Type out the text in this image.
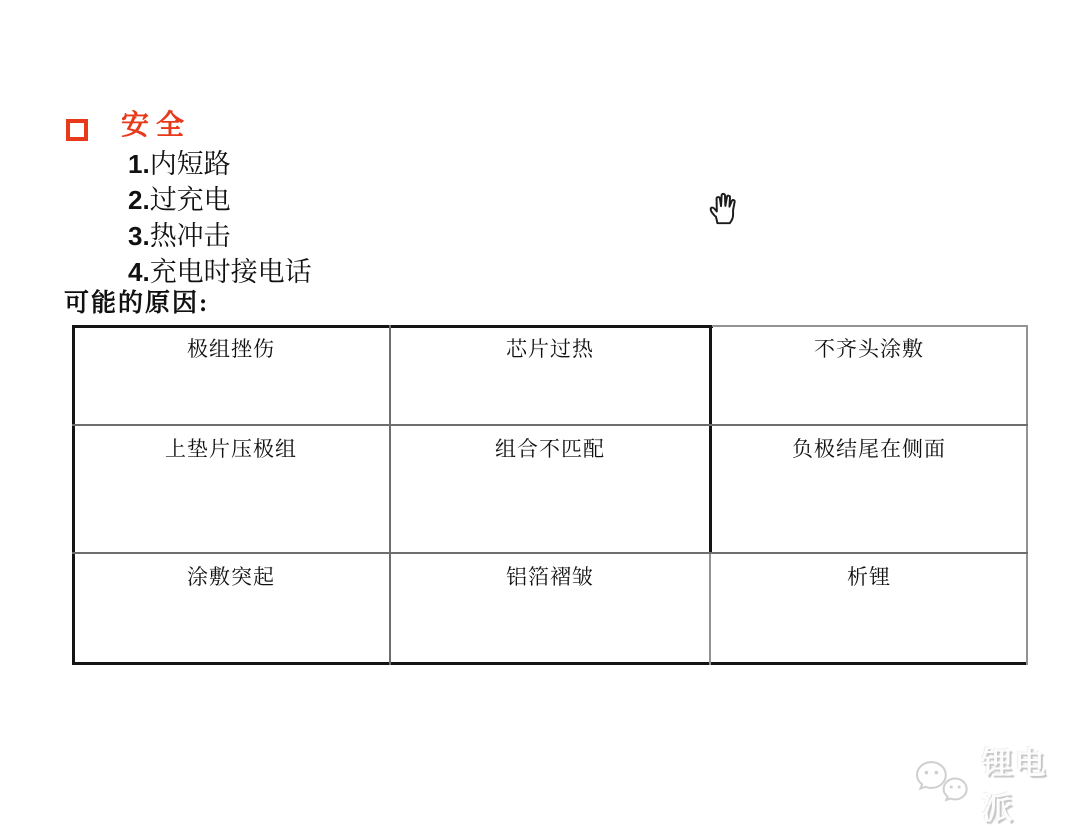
安全
1.内短路
2.过充电
3.热冲击
4.充电时接电话
可能的原因:
极组挫伤	芯片过热	不齐头涂敷
上垫片压极组	组合不匹配	负极结尾在侧面
涂敷突起	铝箔褶皱	析锂
锂电派
